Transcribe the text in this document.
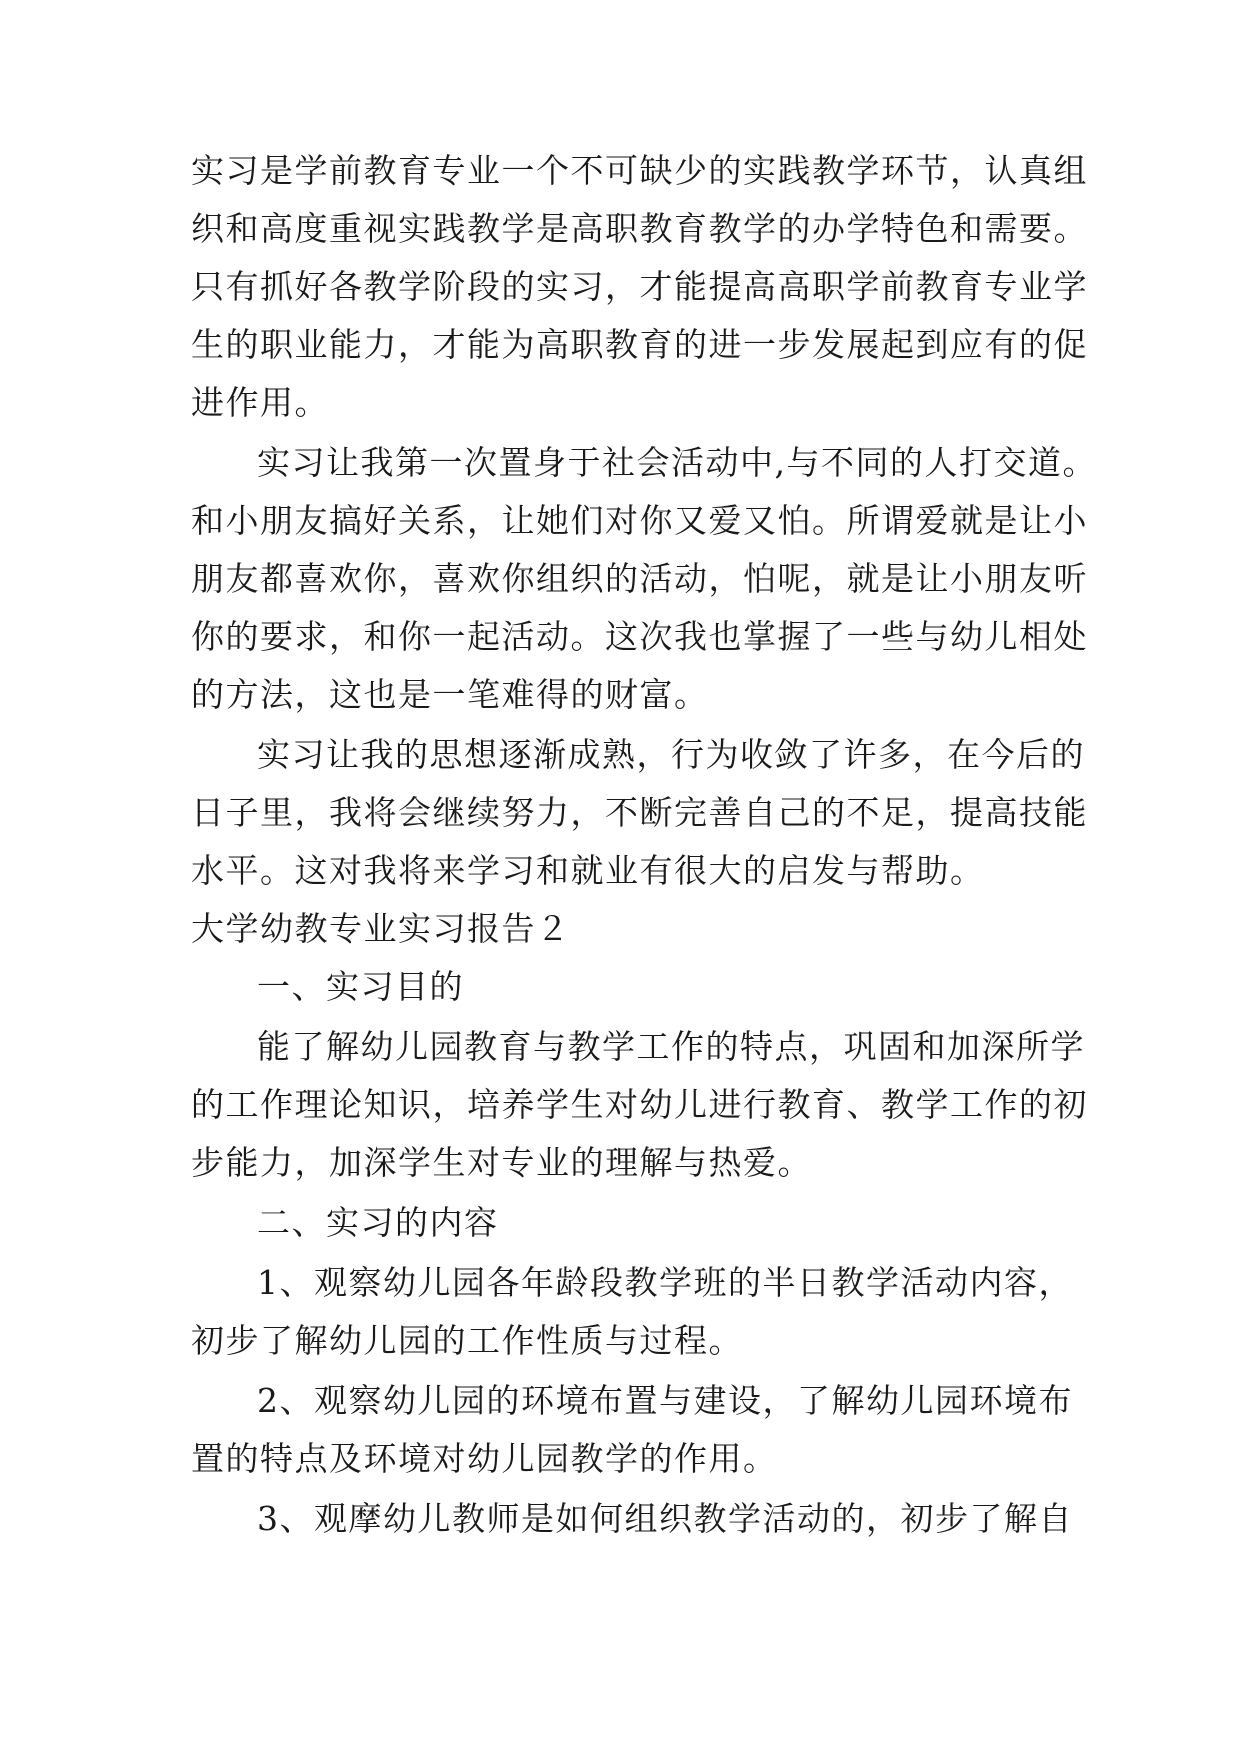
实习是学前教育专业一个不可缺少的实践教学环节，认真组
织和高度重视实践教学是高职教育教学的办学特色和需要。
只有抓好各教学阶段的实习，才能提高高职学前教育专业学
生的职业能力，才能为高职教育的进一步发展起到应有的促
进作用。
实习让我第一次置身于社会活动中,与不同的人打交道。
和小朋友搞好关系，让她们对你又爱又怕。所谓爱就是让小
朋友都喜欢你，喜欢你组织的活动，怕呢，就是让小朋友听
你的要求，和你一起活动。这次我也掌握了一些与幼儿相处
的方法，这也是一笔难得的财富。
实习让我的思想逐渐成熟，行为收敛了许多，在今后的
日子里，我将会继续努力，不断完善自己的不足，提高技能
水平。这对我将来学习和就业有很大的启发与帮助。
大学幼教专业实习报告２
一、实习目的
能了解幼儿园教育与教学工作的特点，巩固和加深所学
的工作理论知识，培养学生对幼儿进行教育、教学工作的初
步能力，加深学生对专业的理解与热爱。
二、实习的内容
1、观察幼儿园各年龄段教学班的半日教学活动内容，
初步了解幼儿园的工作性质与过程。
2、观察幼儿园的环境布置与建设，了解幼儿园环境布
置的特点及环境对幼儿园教学的作用。
3、观摩幼儿教师是如何组织教学活动的，初步了解自
